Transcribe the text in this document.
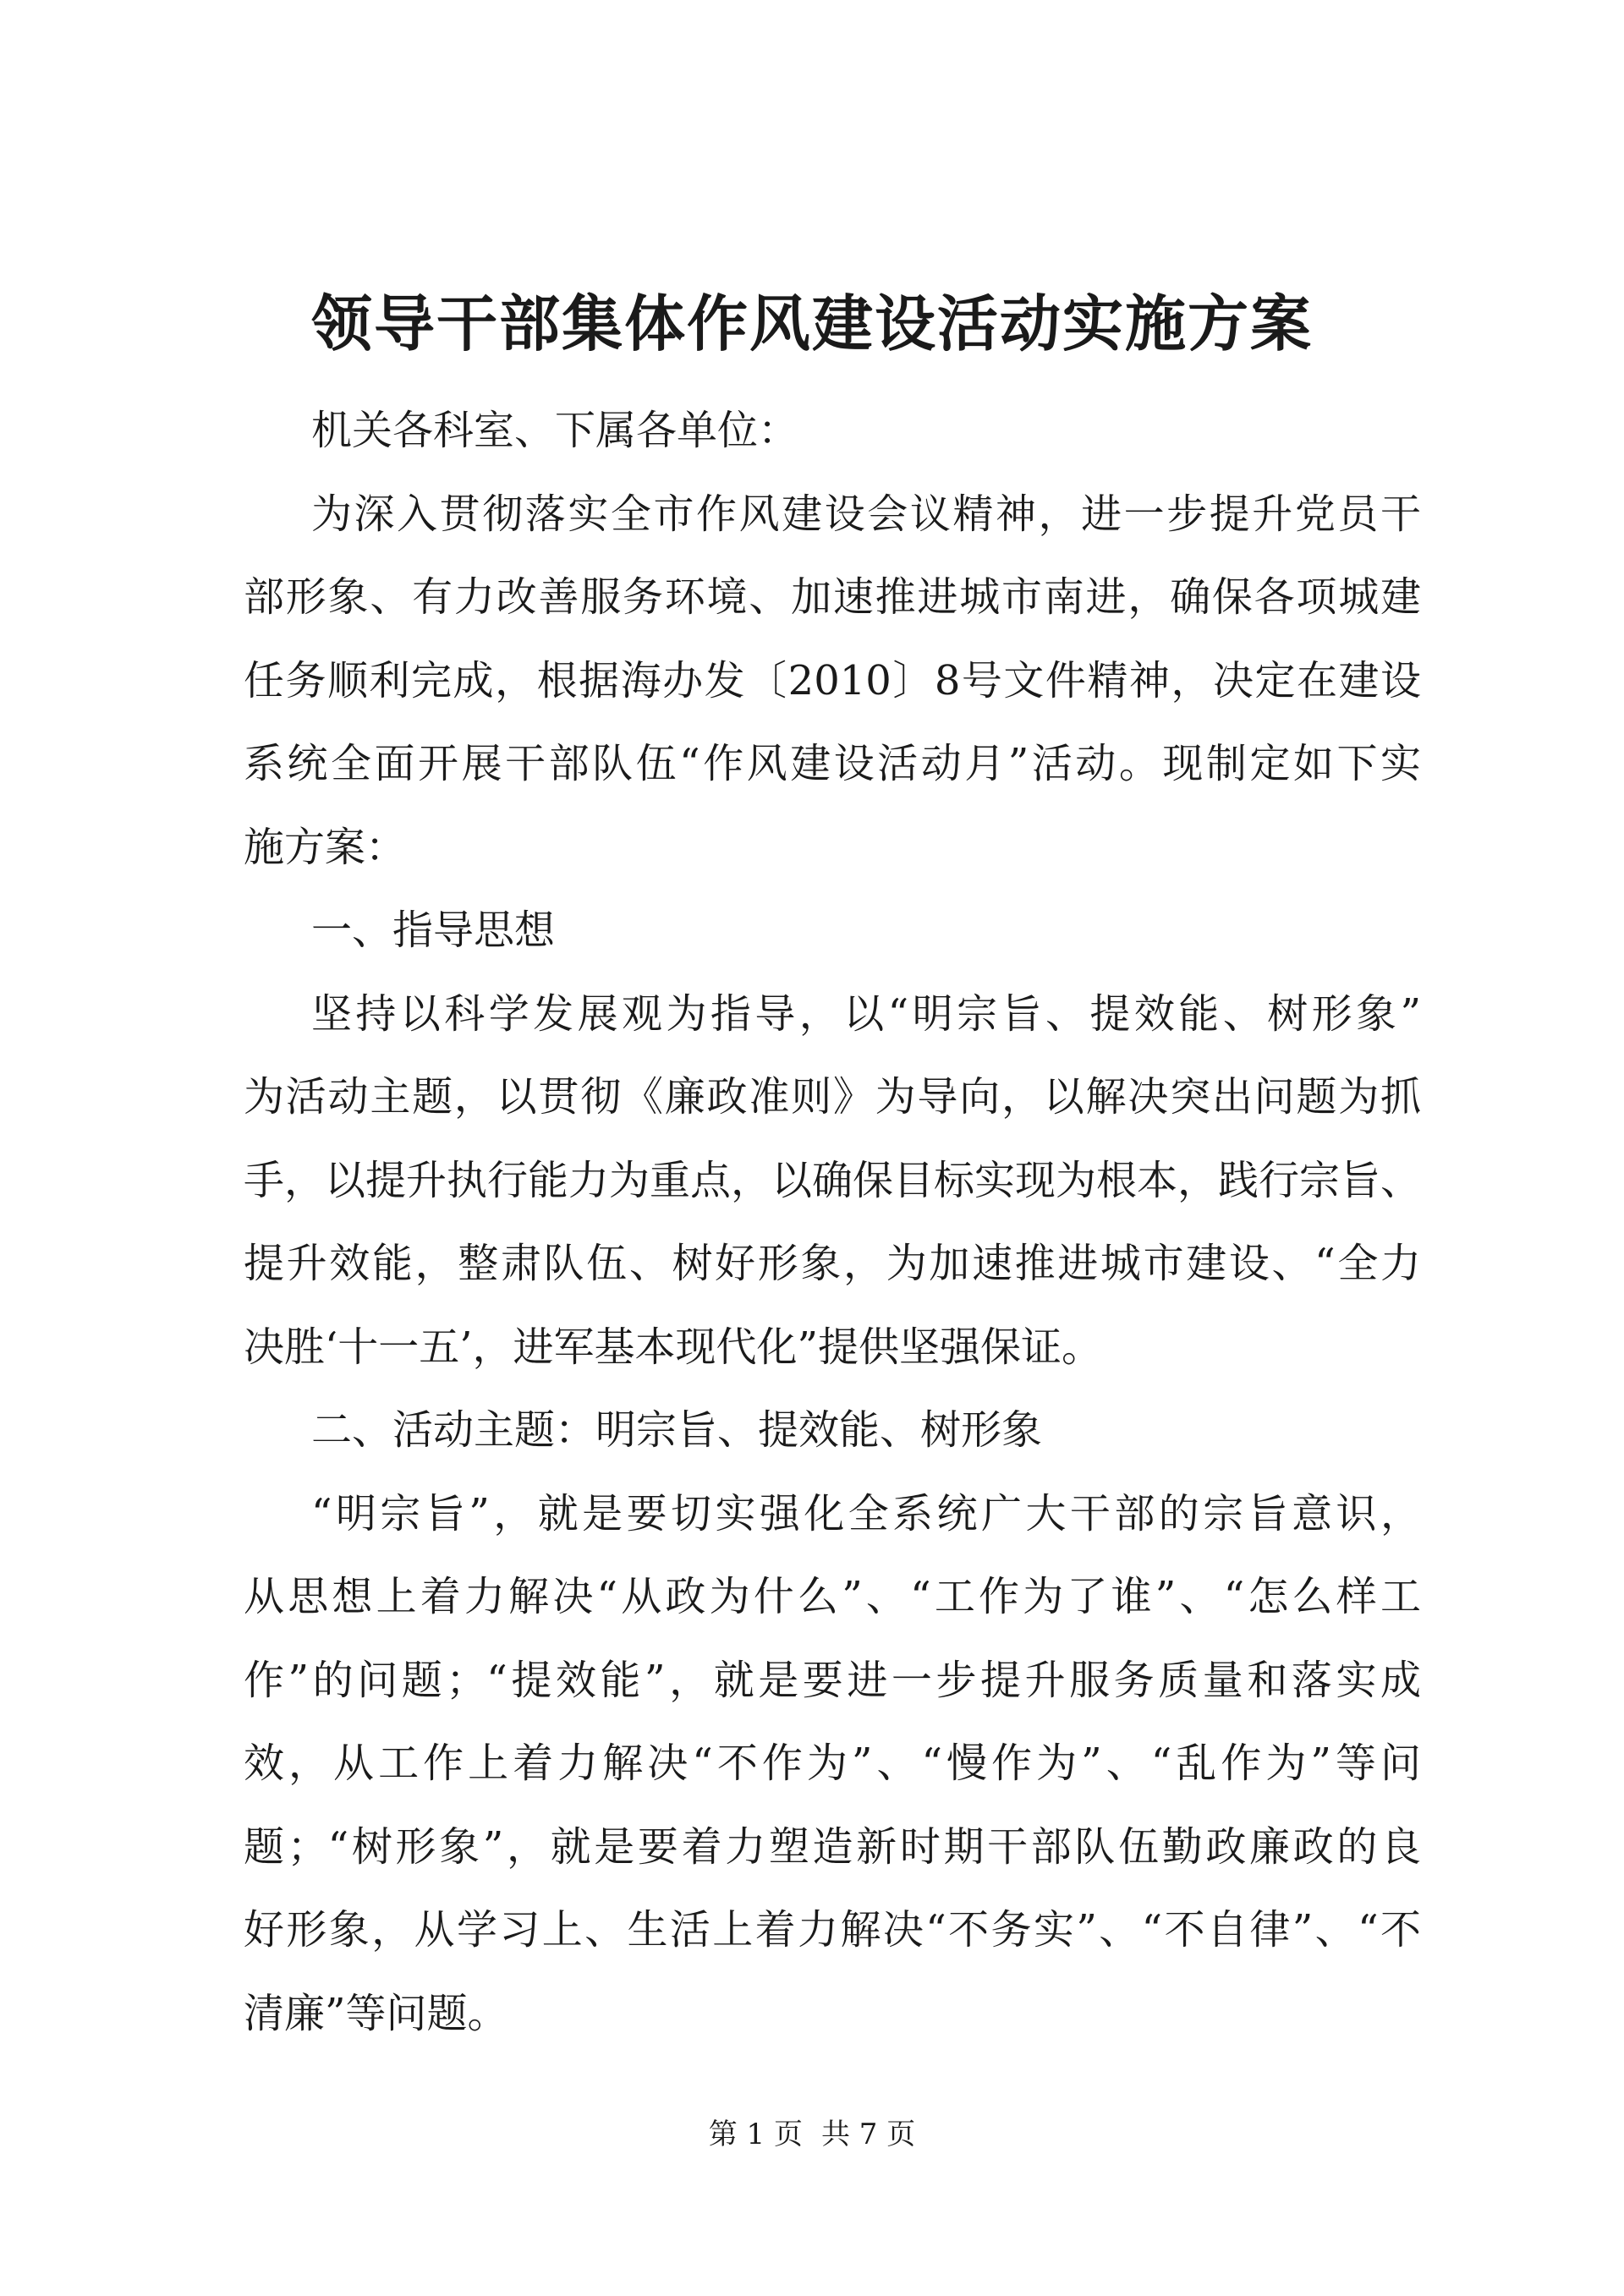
领导干部集体作风建设活动实施方案
机关各科室、下属各单位：
为深入贯彻落实全市作风建设会议精神，进一步提升党员干
部形象、有力改善服务环境、加速推进城市南进，确保各项城建
任务顺利完成，根据海办发〔2010〕8号文件精神，决定在建设
系统全面开展干部队伍“作风建设活动月”活动。现制定如下实
施方案：
一、指导思想
坚持以科学发展观为指导，以“明宗旨、提效能、树形象”
为活动主题，以贯彻《廉政准则》为导向，以解决突出问题为抓
手，以提升执行能力为重点，以确保目标实现为根本，践行宗旨、
提升效能，整肃队伍、树好形象，为加速推进城市建设、“全力
决胜‘十一五’，进军基本现代化”提供坚强保证。
二、活动主题：明宗旨、提效能、树形象
“明宗旨”，就是要切实强化全系统广大干部的宗旨意识，
从思想上着力解决“从政为什么”、“工作为了谁”、“怎么样工
作”的问题；“提效能”，就是要进一步提升服务质量和落实成
效，从工作上着力解决“不作为”、“慢作为”、“乱作为”等问
题；“树形象”，就是要着力塑造新时期干部队伍勤政廉政的良
好形象，从学习上、生活上着力解决“不务实”、“不自律”、“不
清廉”等问题。
第 1 页 共 7 页
